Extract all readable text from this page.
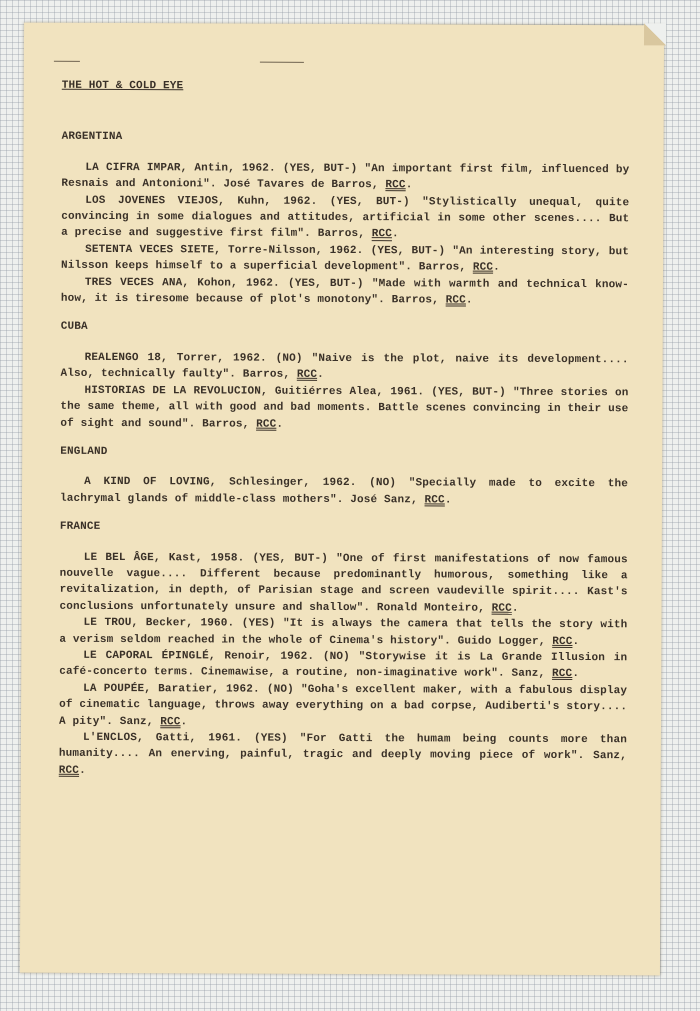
THE HOT & COLD EYE
ARGENTINA

LA CIFRA IMPAR, Antin, 1962. (YES, BUT-) "An important first film, influenced by Resnais and Antonioni". José Tavares de Barros, RCC.

LOS JOVENES VIEJOS, Kuhn, 1962. (YES, BUT-) "Stylistically unequal, quite convincing in some dialogues and attitudes, artificial in some other scenes.... But a precise and suggestive first film". Barros, RCC.

SETENTA VECES SIETE, Torre-Nilsson, 1962. (YES, BUT-) "An interesting story, but Nilsson keeps himself to a superficial development". Barros, RCC.

TRES VECES ANA, Kohon, 1962. (YES, BUT-) "Made with warmth and technical know-how, it is tiresome because of plot's monotony". Barros, RCC.

CUBA

REALENGO 18, Torrer, 1962. (NO) "Naive is the plot, naive its development.... Also, technically faulty". Barros, RCC.

HISTORIAS DE LA REVOLUCION, Guitiérres Alea, 1961. (YES, BUT-) "Three stories on the same theme, all with good and bad moments. Battle scenes convincing in their use of sight and sound". Barros, RCC.

ENGLAND

A KIND OF LOVING, Schlesinger, 1962. (NO) "Specially made to excite the lachrymal glands of middle-class mothers". José Sanz, RCC.

FRANCE

LE BEL ÂGE, Kast, 1958. (YES, BUT-) "One of first manifestations of now famous nouvelle vague.... Different because predominantly humorous, something like a revitalization, in depth, of Parisian stage and screen vaudeville spirit.... Kast's conclusions unfortunately unsure and shallow". Ronald Monteiro, RCC.

LE TROU, Becker, 1960. (YES) "It is always the camera that tells the story with a verism seldom reached in the whole of Cinema's history". Guido Logger, RCC.

LE CAPORAL ÉPINGLÉ, Renoir, 1962. (NO) "Storywise it is La Grande Illusion in café-concerto terms. Cinemawise, a routine, non-imaginative work". Sanz, RCC.

LA POUPÉE, Baratier, 1962. (NO) "Goha's excellent maker, with a fabulous display of cinematic language, throws away everything on a bad corpse, Audiberti's story.... A pity". Sanz, RCC.

L'ENCLOS, Gatti, 1961. (YES) "For Gatti the humam being counts more than humanity.... An enerving, painful, tragic and deeply moving piece of work". Sanz, RCC.
